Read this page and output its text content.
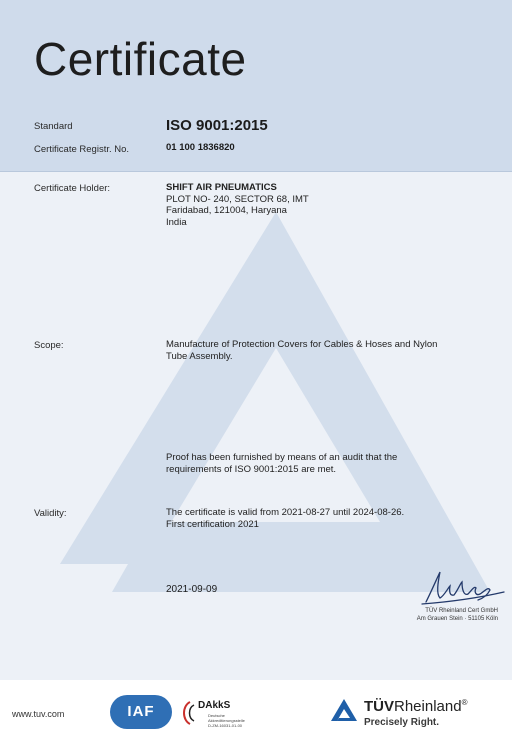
Certificate
Standard	ISO 9001:2015
Certificate Registr. No.	01 100 1836820
Certificate Holder:	SHIFT AIR PNEUMATICS
PLOT NO- 240, SECTOR 68, IMT
Faridabad, 121004, Haryana
India
Scope:	Manufacture of Protection Covers for Cables & Hoses and Nylon
Tube Assembly.
Proof has been furnished by means of an audit that the
requirements of ISO 9001:2015 are met.
Validity:	The certificate is valid from 2021-08-27 until 2024-08-26.
First certification 2021
2021-09-09
TÜV Rheinland Cert GmbH
Am Grauen Stein · 51105 Köln
www.tuv.com	IAF	DAkkS
Deutsche
Akkreditierungsstelle
D-ZM-16031-01-00
TÜVRheinland®
Precisely Right.
